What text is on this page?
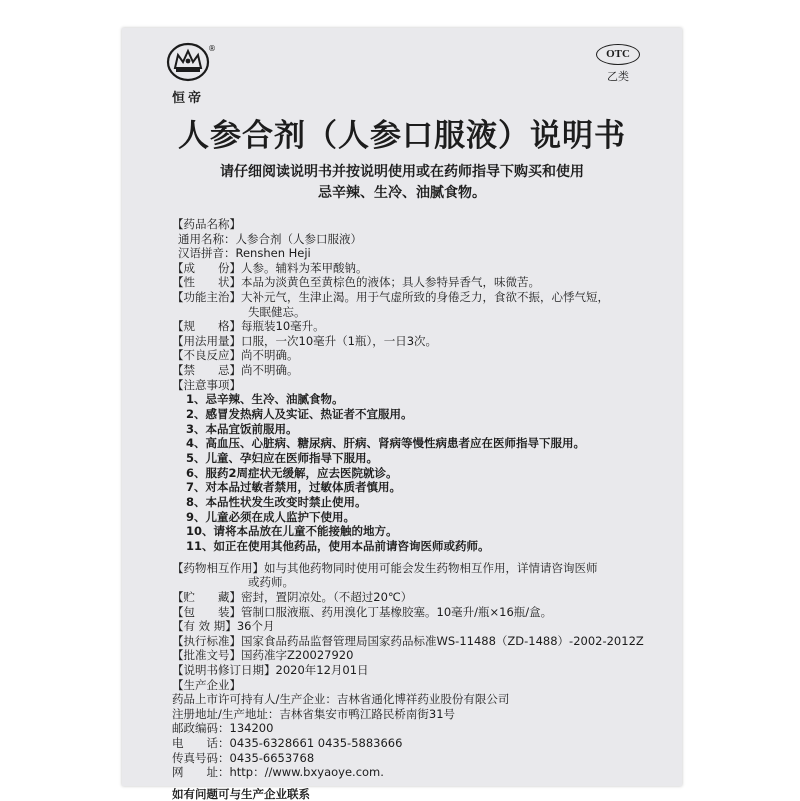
恒帝
®	OTC
乙类
人参合剂（人参口服液）说明书
请仔细阅读说明书并按说明使用或在药师指导下购买和使用
忌辛辣、生冷、油腻食物。
【药品名称】
通用名称： 人参合剂（人参口服液）
汉语拼音： Renshen Heji
【成　　份】 人参。辅料为苯甲酸钠。
【性　　状】 本品为淡黄色至黄棕色的液体；具人参特异香气，味微苦。
【功能主治】 大补元气，生津止渴。用于气虚所致的身倦乏力，食欲不振，心悸气短，
失眠健忘。
【规　　格】 每瓶装10毫升。
【用法用量】 口服，一次10毫升（1瓶），一日3次。
【不良反应】 尚不明确。
【禁　　忌】 尚不明确。
【注意事项】
1、忌辛辣、生冷、油腻食物。
2、感冒发热病人及实证、热证者不宜服用。
3、本品宜饭前服用。
4、高血压、心脏病、糖尿病、肝病、肾病等慢性病患者应在医师指导下服用。
5、儿童、孕妇应在医师指导下服用。
6、服药2周症状无缓解，应去医院就诊。
7、对本品过敏者禁用，过敏体质者慎用。
8、本品性状发生改变时禁止使用。
9、儿童必须在成人监护下使用。
10、请将本品放在儿童不能接触的地方。
11、如正在使用其他药品，使用本品前请咨询医师或药师。
【药物相互作用】 如与其他药物同时使用可能会发生药物相互作用，详情请咨询医师
或药师。
【贮　　藏】 密封，置阴凉处。（不超过20℃）
【包　　装】 管制口服液瓶、药用溴化丁基橡胶塞。10毫升/瓶×16瓶/盒。
【有 效 期】 36个月
【执行标准】 国家食品药品监督管理局国家药品标准WS-11488（ZD-1488）-2002-2012Z
【批准文号】 国药准字Z20027920
【说明书修订日期】 2020年12月01日
【生产企业】
药品上市许可持有人/生产企业： 吉林省通化博祥药业股份有限公司
注册地址/生产地址： 吉林省集安市鸭江路民桥南街31号
邮政编码： 134200
电　　话： 0435-6328661 0435-5883666
传真号码： 0435-6653768
网　　址： http：//www.bxyaoye.com.
如有问题可与生产企业联系
